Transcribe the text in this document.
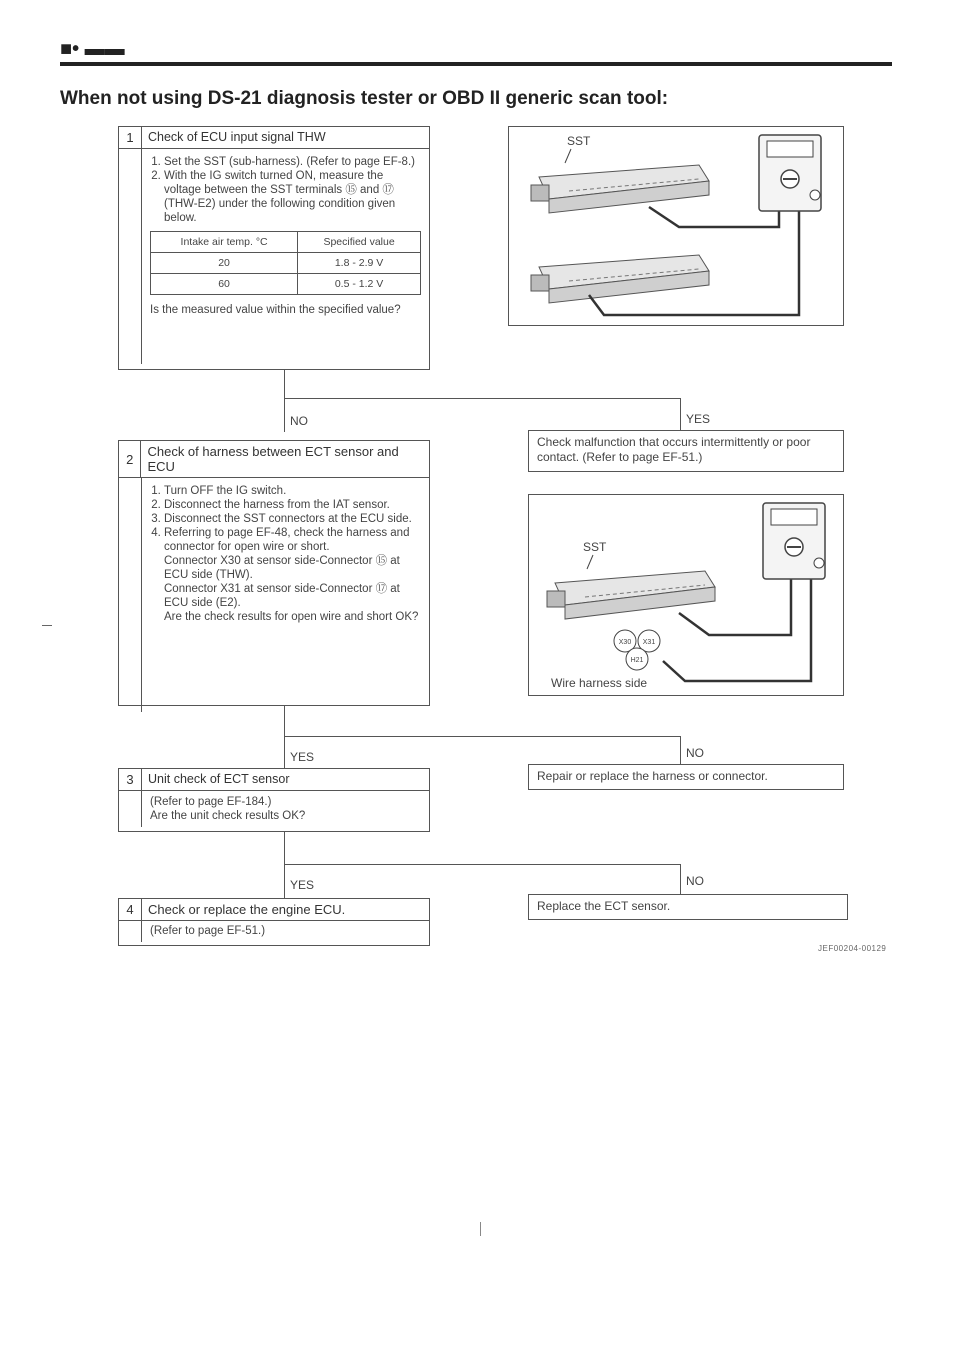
■• ▬▬
When not using DS-21 diagnosis tester or OBD II generic scan tool:
1	Check of ECU input signal THW
1. Set the SST (sub-harness). (Refer to page EF-8.)
2. With the IG switch turned ON, measure the voltage between the SST terminals ⑮ and ⑰ (THW-E2) under the following condition given below.
Intake air temp. °C	Specified value
20	1.8 - 2.9 V
60	0.5 - 1.2 V
Is the measured value within the specified value?
SST
NO	YES
Check malfunction that occurs intermittently or poor contact. (Refer to page EF-51.)
2	Check of harness between ECT sensor and ECU
1. Turn OFF the IG switch.
2. Disconnect the harness from the IAT sensor.
3. Disconnect the SST connectors at the ECU side.
4. Referring to page EF-48, check the harness and connector for open wire or short.
Connector X30 at sensor side-Connector ⑮ at ECU side (THW).
Connector X31 at sensor side-Connector ⑰ at ECU side (E2).
Are the check results for open wire and short OK?
SST
X30 X31
H21
Wire harness side
YES	NO
Repair or replace the harness or connector.
3	Unit check of ECT sensor
(Refer to page EF-184.)
Are the unit check results OK?
YES	NO
Replace the ECT sensor.
4	Check or replace the engine ECU.
(Refer to page EF-51.)
JEF00204-00129
